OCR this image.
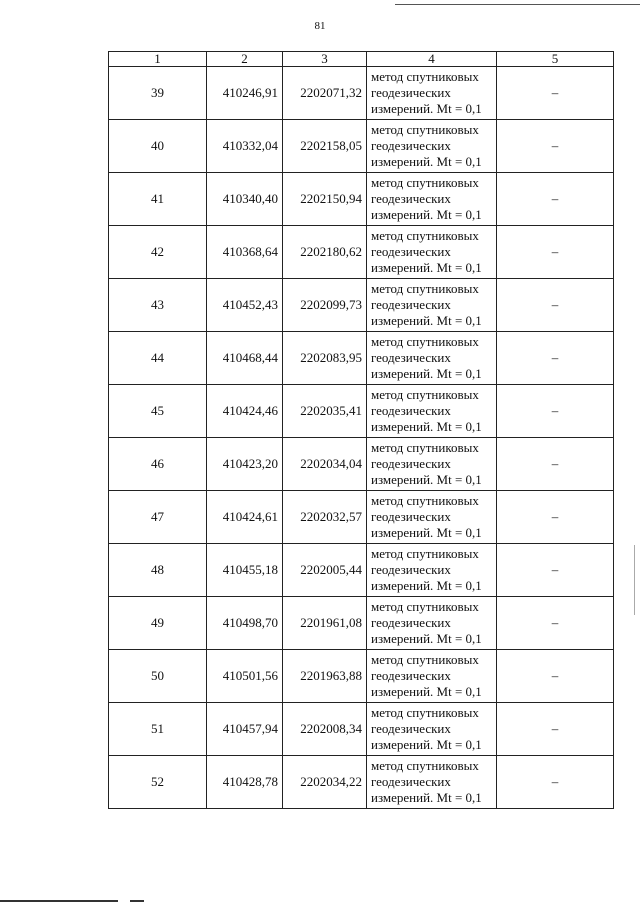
81
1	2	3	4	5
39	410246,91	2202071,32	метод спутниковых
геодезических
измерений. Mt = 0,1	–
40	410332,04	2202158,05	метод спутниковых
геодезических
измерений. Mt = 0,1	–
41	410340,40	2202150,94	метод спутниковых
геодезических
измерений. Mt = 0,1	–
42	410368,64	2202180,62	метод спутниковых
геодезических
измерений. Mt = 0,1	–
43	410452,43	2202099,73	метод спутниковых
геодезических
измерений. Mt = 0,1	–
44	410468,44	2202083,95	метод спутниковых
геодезических
измерений. Mt = 0,1	–
45	410424,46	2202035,41	метод спутниковых
геодезических
измерений. Mt = 0,1	–
46	410423,20	2202034,04	метод спутниковых
геодезических
измерений. Mt = 0,1	–
47	410424,61	2202032,57	метод спутниковых
геодезических
измерений. Mt = 0,1	–
48	410455,18	2202005,44	метод спутниковых
геодезических
измерений. Mt = 0,1	–
49	410498,70	2201961,08	метод спутниковых
геодезических
измерений. Mt = 0,1	–
50	410501,56	2201963,88	метод спутниковых
геодезических
измерений. Mt = 0,1	–
51	410457,94	2202008,34	метод спутниковых
геодезических
измерений. Mt = 0,1	–
52	410428,78	2202034,22	метод спутниковых
геодезических
измерений. Mt = 0,1	–
